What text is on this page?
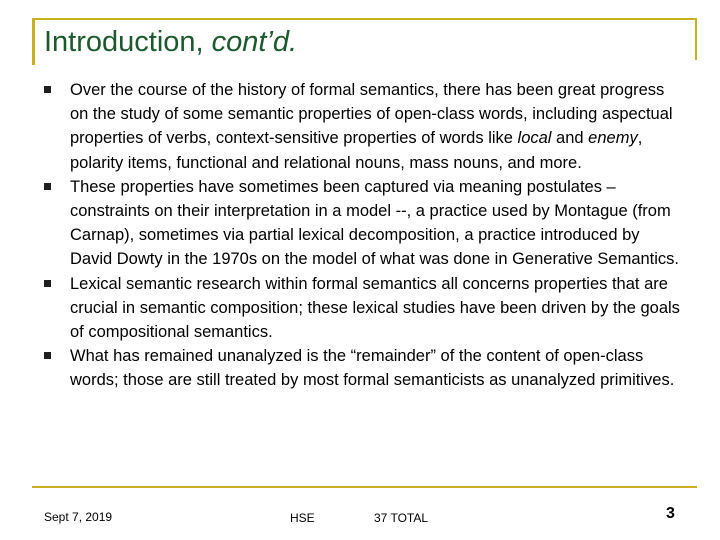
Introduction, cont’d.
Over the course of the history of formal semantics, there has been great progress on the study of some semantic properties of open-class words, including aspectual properties of verbs, context-sensitive properties of words like local and enemy, polarity items, functional and relational nouns, mass nouns, and more.
These properties have sometimes been captured via meaning postulates – constraints on their interpretation in a model --, a practice used by Montague (from Carnap), sometimes via partial lexical decomposition, a practice introduced by David Dowty in the 1970s on the model of what was done in Generative Semantics.
Lexical semantic research within formal semantics all concerns properties that are crucial in semantic composition; these lexical studies have been driven by the goals of compositional semantics.
What has remained unanalyzed is the “remainder” of the content of open-class words; those are still treated by most formal semanticists as unanalyzed primitives.
Sept 7, 2019	HSE	37 TOTAL	3
